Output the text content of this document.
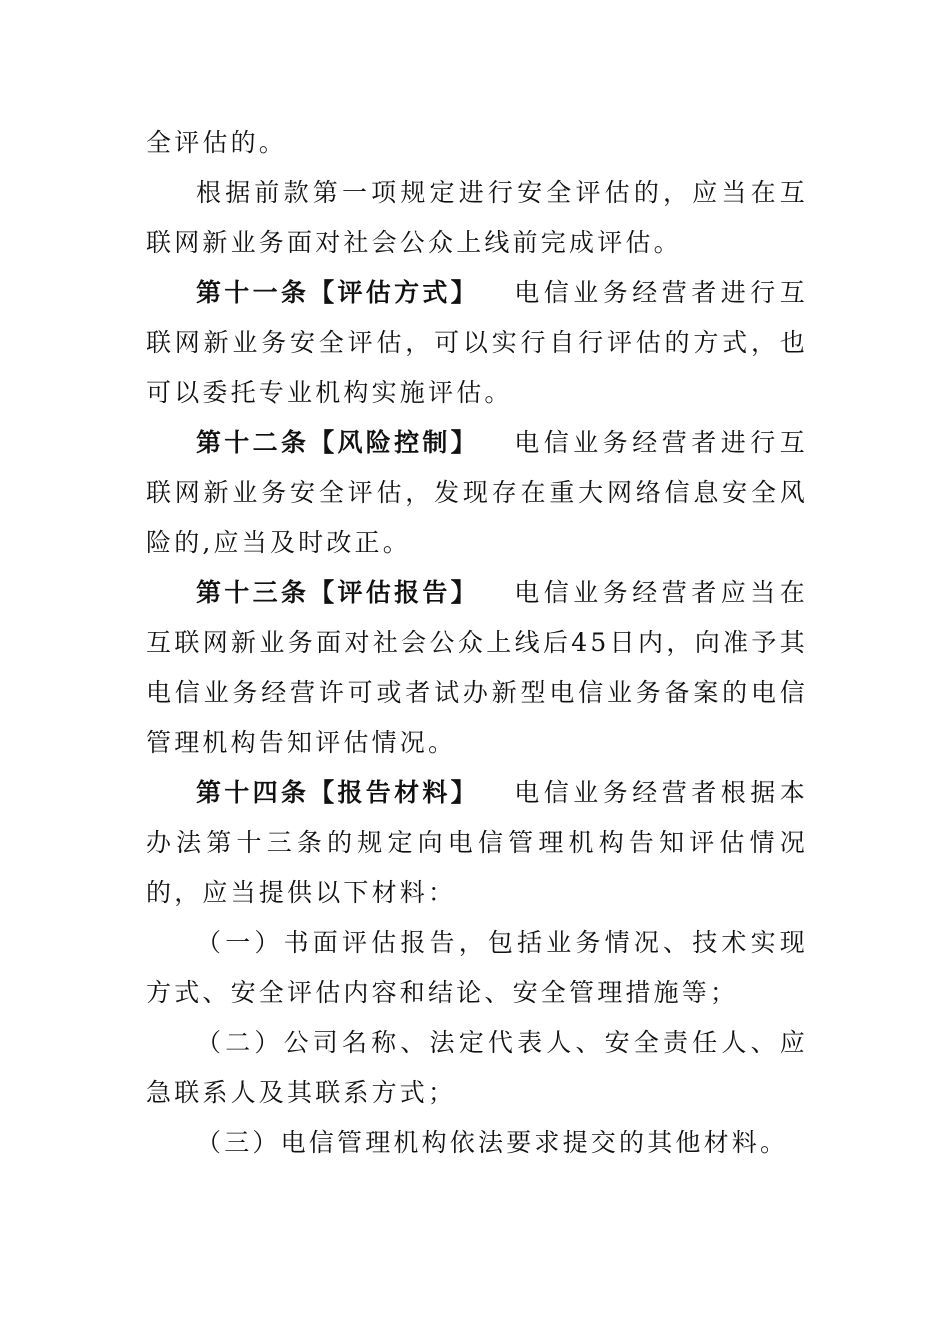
全评估的。

根据前款第一项规定进行安全评估的，应当在互联网新业务面对社会公众上线前完成评估。

第十一条【评估方式】 电信业务经营者进行互联网新业务安全评估，可以实行自行评估的方式，也可以委托专业机构实施评估。

第十二条【风险控制】 电信业务经营者进行互联网新业务安全评估，发现存在重大网络信息安全风险的,应当及时改正。

第十三条【评估报告】 电信业务经营者应当在互联网新业务面对社会公众上线后45日内，向准予其电信业务经营许可或者试办新型电信业务备案的电信管理机构告知评估情况。

第十四条【报告材料】 电信业务经营者根据本办法第十三条的规定向电信管理机构告知评估情况的，应当提供以下材料：

（一）书面评估报告，包括业务情况、技术实现方式、安全评估内容和结论、安全管理措施等；

（二）公司名称、法定代表人、安全责任人、应急联系人及其联系方式；

（三）电信管理机构依法要求提交的其他材料。
